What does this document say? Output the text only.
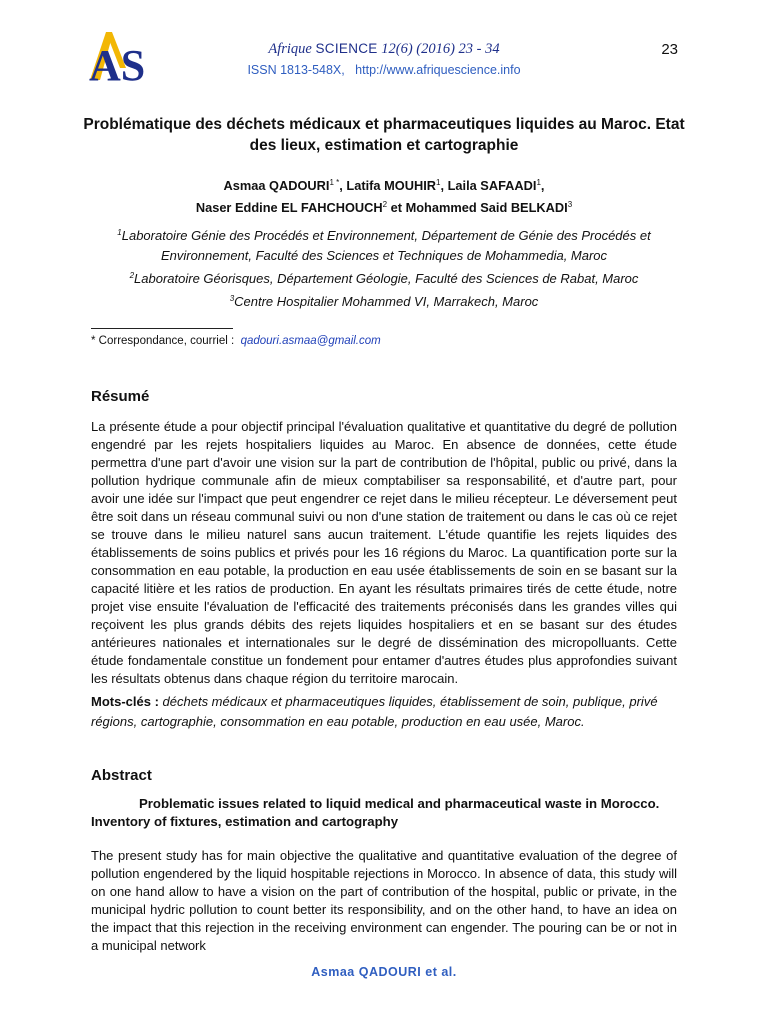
AS	Afrique SCIENCE 12(6) (2016) 23 - 34
ISSN 1813-548X, http://www.afriquescience.info
23
Problématique des déchets médicaux et pharmaceutiques liquides au Maroc. Etat des lieux, estimation et cartographie
Asmaa $QADOURI^{1 *}$, Latifa MOUHIR$^1$, Laila SAFAADI$^1$,
Naser Eddine EL FAHCHOUCH$^2$ et Mohammed Said BELKADI$^3$
$^1$Laboratoire Génie des Procédés et Environnement, Département de Génie des Procédés et Environnement, Faculté des Sciences et Techniques de Mohammedia, Maroc
$^2$Laboratoire Géorisques, Département Géologie, Faculté des Sciences de Rabat, Maroc
$^3$Centre Hospitalier Mohammed VI, Marrakech, Maroc
* Correspondance, courriel : qadouri.asmaa@gmail.com
Résumé
La présente étude a pour objectif principal l'évaluation qualitative et quantitative du degré de pollution engendré par les rejets hospitaliers liquides au Maroc. En absence de données, cette étude permettra d'une part d'avoir une vision sur la part de contribution de l'hôpital, public ou privé, dans la pollution hydrique communale afin de mieux comptabiliser sa responsabilité, et d'autre part, pour avoir une idée sur l'impact que peut engendrer ce rejet dans le milieu récepteur. Le déversement peut être soit dans un réseau communal suivi ou non d'une station de traitement ou dans le cas où ce rejet se trouve dans le milieu naturel sans aucun traitement. L'étude quantifie les rejets liquides des établissements de soins publics et privés pour les 16 régions du Maroc. La quantification porte sur la consommation en eau potable, la production en eau usée établissements de soin en se basant sur la capacité litière et les ratios de production. En ayant les résultats primaires tirés de cette étude, notre projet vise ensuite l'évaluation de l'efficacité des traitements préconisés dans les grandes villes qui reçoivent les plus grands débits des rejets liquides hospitaliers et en se basant sur des études antérieures nationales et internationales sur le degré de dissémination des micropolluants. Cette étude fondamentale constitue un fondement pour entamer d'autres études plus approfondies suivant les résultats obtenus dans chaque région du territoire marocain.
Mots-clés : déchets médicaux et pharmaceutiques liquides, établissement de soin, publique, privé régions, cartographie, consommation en eau potable, production en eau usée, Maroc.
Abstract
Problematic issues related to liquid medical and pharmaceutical waste in Morocco. Inventory of fixtures, estimation and cartography
The present study has for main objective the qualitative and quantitative evaluation of the degree of pollution engendered by the liquid hospitable rejections in Morocco. In absence of data, this study will on one hand allow to have a vision on the part of contribution of the hospital, public or private, in the municipal hydric pollution to count better its responsibility, and on the other hand, to have an idea on the impact that this rejection in the receiving environment can engender. The pouring can be or not in a municipal network
Asmaa QADOURI et al.
